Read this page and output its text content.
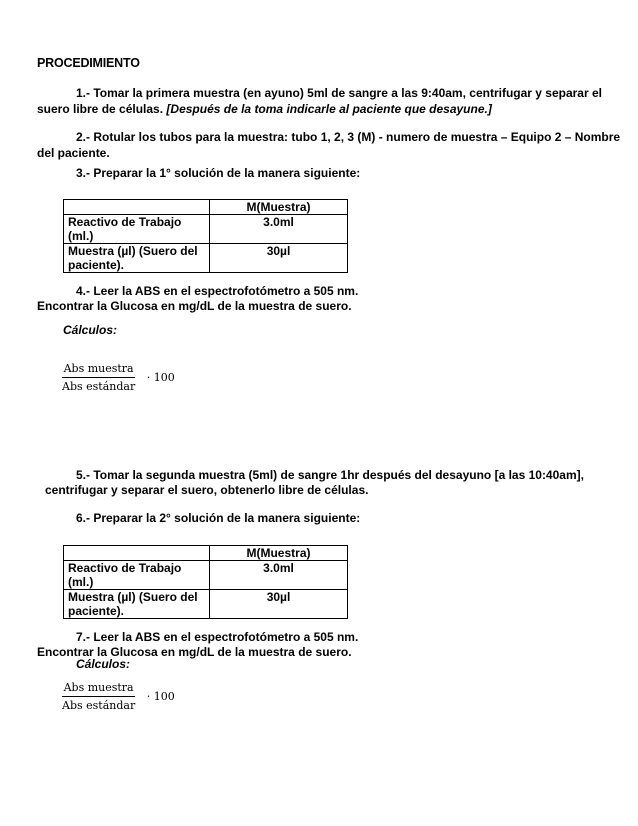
PROCEDIMIENTO
1.- Tomar la primera muestra (en ayuno) 5ml de sangre a las 9:40am, centrifugar y separar el
suero libre de células. [Después de la toma indicarle al paciente que desayune.]
2.- Rotular los tubos para la muestra: tubo 1, 2, 3 (M) - numero de muestra – Equipo 2 – Nombre
del paciente.
3.- Preparar la 1° solución de la manera siguiente:
	M(Muestra)

Reactivo de Trabajo
(ml.)	3.0ml

Muestra (µl) (Suero del
paciente).	30µl
4.- Leer la ABS en el espectrofotómetro a 505 nm.
Encontrar la Glucosa en mg/dL de la muestra de suero.
Cálculos:
$\frac{\text{Abs muestra}}{\text{Abs estándar}} \cdot 100$
5.- Tomar la segunda muestra (5ml) de sangre 1hr después del desayuno [a las 10:40am],
centrifugar y separar el suero, obtenerlo libre de células.
6.- Preparar la 2° solución de la manera siguiente:
	M(Muestra)

Reactivo de Trabajo
(ml.)	3.0ml

Muestra (µl) (Suero del
paciente).	30µl
7.- Leer la ABS en el espectrofotómetro a 505 nm.
Encontrar la Glucosa en mg/dL de la muestra de suero.
Cálculos:
$\frac{\text{Abs muestra}}{\text{Abs estándar}} \cdot 100$
